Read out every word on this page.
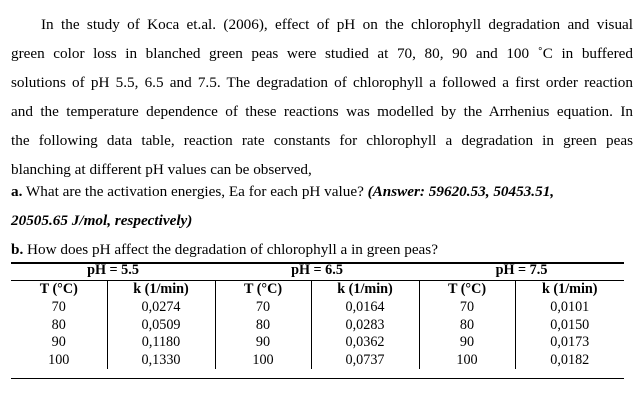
In the study of Koca et.al. (2006), effect of pH on the chlorophyll degradation and visual
green color loss in blanched green peas were studied at 70, 80, 90 and 100 ˚C in buffered
solutions of pH 5.5, 6.5 and 7.5. The degradation of chlorophyll a followed a first order reaction
and the temperature dependence of these reactions was modelled by the Arrhenius equation. In
the following data table, reaction rate constants for chlorophyll a degradation in green peas
blanching at different pH values can be observed,
a. What are the activation energies, Ea for each pH value? (Answer: 59620.53, 50453.51,
20505.65 J/mol, respectively)
b. How does pH affect the degradation of chlorophyll a in green peas?
pH = 5.5		pH = 6.5		pH = 7.5	
T (°C)	k (1/min)	T (°C)	k (1/min)	T (°C)	k (1/min)
70	0,0274	70	0,0164	70	0,0101
80	0,0509	80	0,0283	80	0,0150
90	0,1180	90	0,0362	90	0,0173
100	0,1330	100	0,0737	100	0,0182
